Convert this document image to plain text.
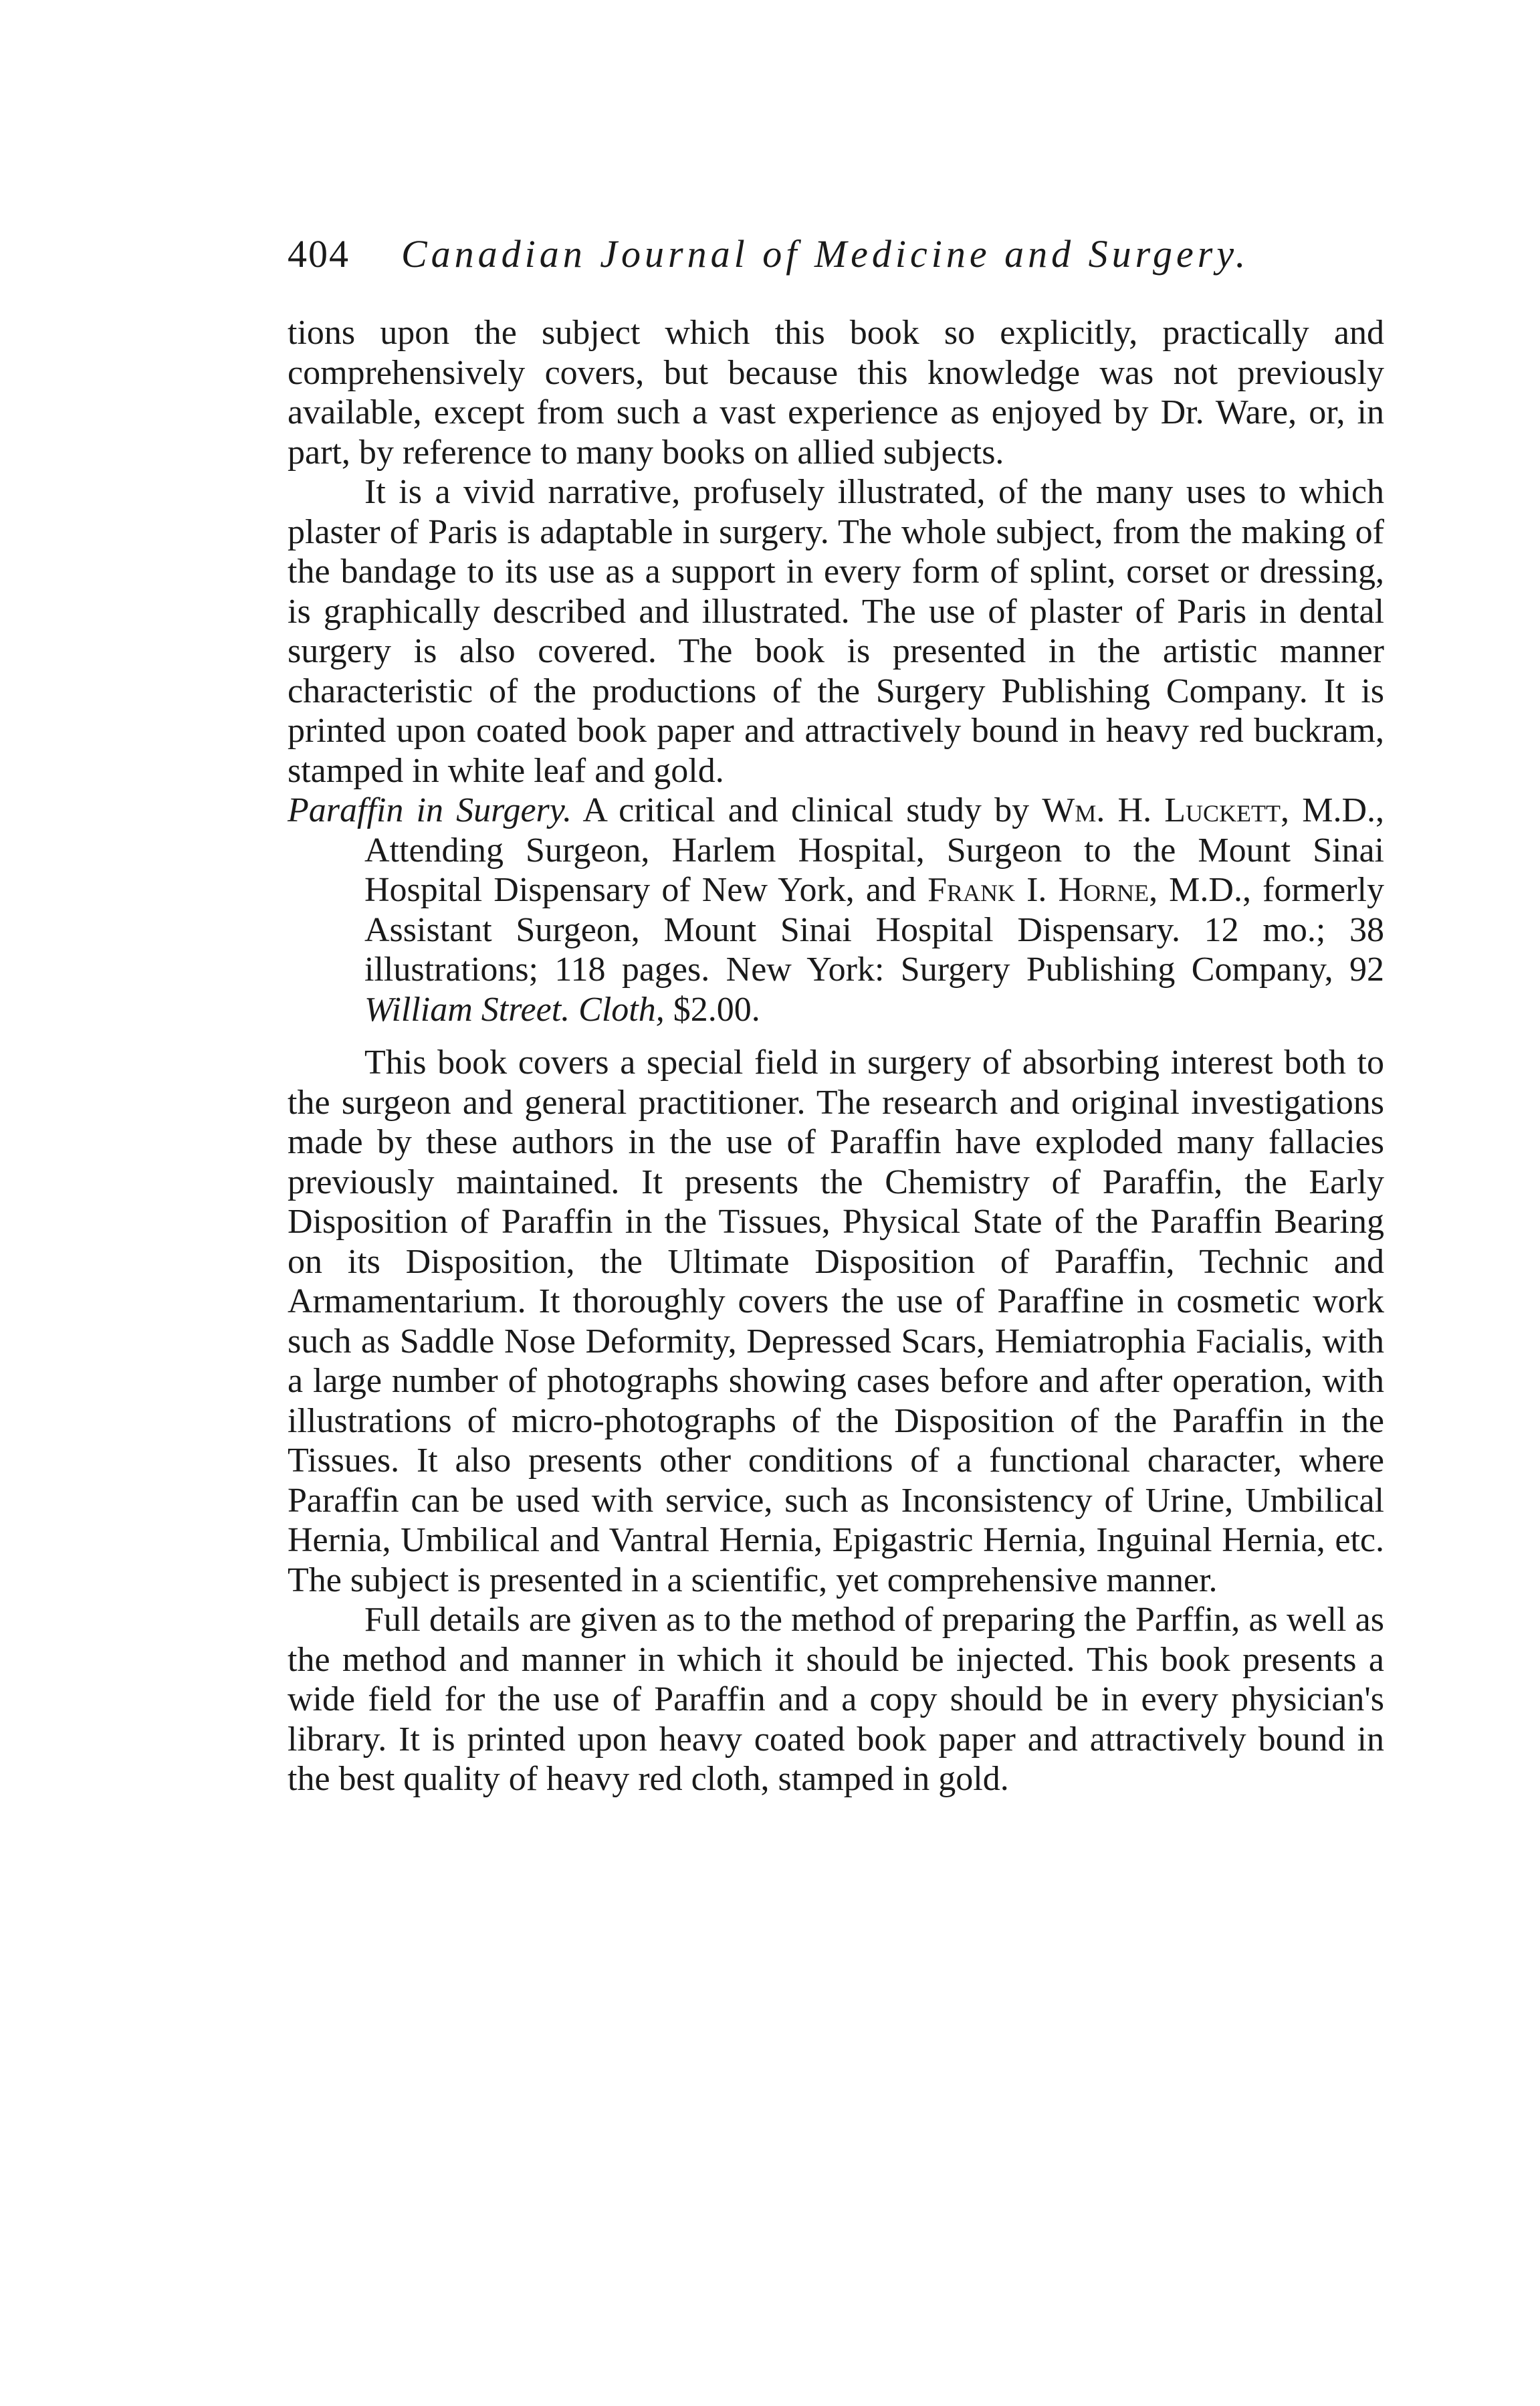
404 Canadian Journal of Medicine and Surgery.

tions upon the subject which this book so explicitly, practically and comprehensively covers, but because this knowledge was not previously available, except from such a vast experience as enjoyed by Dr. Ware, or, in part, by reference to many books on allied subjects.

It is a vivid narrative, profusely illustrated, of the many uses to which plaster of Paris is adaptable in surgery. The whole subject, from the making of the bandage to its use as a support in every form of splint, corset or dressing, is graphically described and illustrated. The use of plaster of Paris in dental surgery is also covered. The book is presented in the artistic manner characteristic of the productions of the Surgery Publishing Company. It is printed upon coated book paper and attractively bound in heavy red buckram, stamped in white leaf and gold.

Paraffin in Surgery. A critical and clinical study by Wm. H. Luckett, M.D., Attending Surgeon, Harlem Hospital, Surgeon to the Mount Sinai Hospital Dispensary of New York, and Frank I. Horne, M.D., formerly Assistant Surgeon, Mount Sinai Hospital Dispensary. 12 mo.; 38 illustrations; 118 pages. New York: Surgery Publishing Company, 92 William Street. Cloth, $2.00.

This book covers a special field in surgery of absorbing interest both to the surgeon and general practitioner. The research and original investigations made by these authors in the use of Paraffin have exploded many fallacies previously maintained. It presents the Chemistry of Paraffin, the Early Disposition of Paraffin in the Tissues, Physical State of the Paraffin Bearing on its Disposition, the Ultimate Disposition of Paraffin, Technic and Armamentarium. It thoroughly covers the use of Paraffine in cosmetic work such as Saddle Nose Deformity, Depressed Scars, Hemiatrophia Facialis, with a large number of photographs showing cases before and after operation, with illustrations of micro-photographs of the Disposition of the Paraffin in the Tissues. It also presents other conditions of a functional character, where Paraffin can be used with service, such as Inconsistency of Urine, Umbilical Hernia, Umbilical and Vantral Hernia, Epigastric Hernia, Inguinal Hernia, etc. The subject is presented in a scientific, yet comprehensive manner.

Full details are given as to the method of preparing the Parffin, as well as the method and manner in which it should be injected. This book presents a wide field for the use of Paraffin and a copy should be in every physician's library. It is printed upon heavy coated book paper and attractively bound in the best quality of heavy red cloth, stamped in gold.
